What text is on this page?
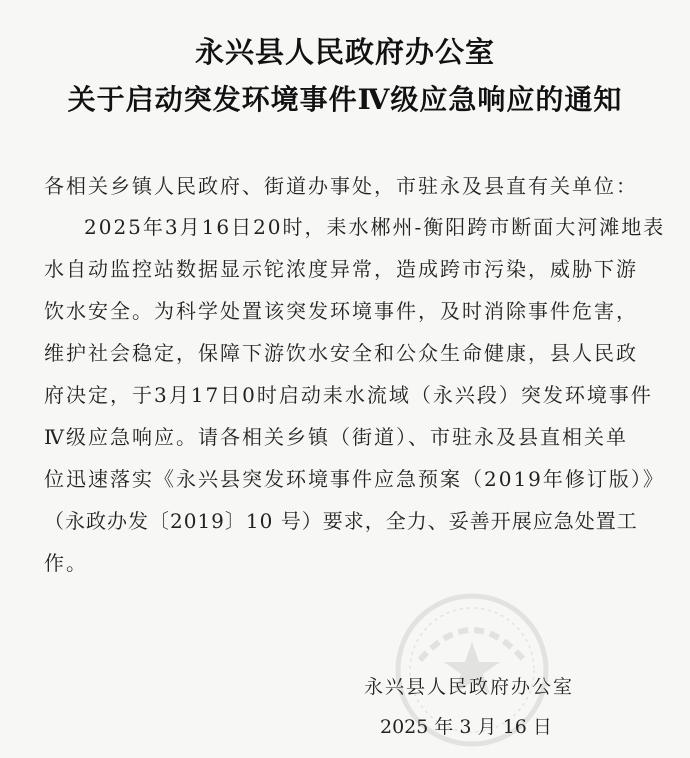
永兴县人民政府办公室
关于启动突发环境事件Ⅳ级应急响应的通知
各相关乡镇人民政府、街道办事处，市驻永及县直有关单位：
2025年3月16日20时，耒水郴州-衡阳跨市断面大河滩地表
水自动监控站数据显示铊浓度异常，造成跨市污染，威胁下游
饮水安全。为科学处置该突发环境事件，及时消除事件危害，
维护社会稳定，保障下游饮水安全和公众生命健康，县人民政
府决定，于3月17日0时启动耒水流域（永兴段）突发环境事件
Ⅳ级应急响应。请各相关乡镇（街道）、市驻永及县直相关单
位迅速落实《永兴县突发环境事件应急预案（2019年修订版）》
（永政办发〔2019〕10 号）要求，全力、妥善开展应急处置工
作。
永兴县人民政府办公室
2025 年 3 月 16 日
